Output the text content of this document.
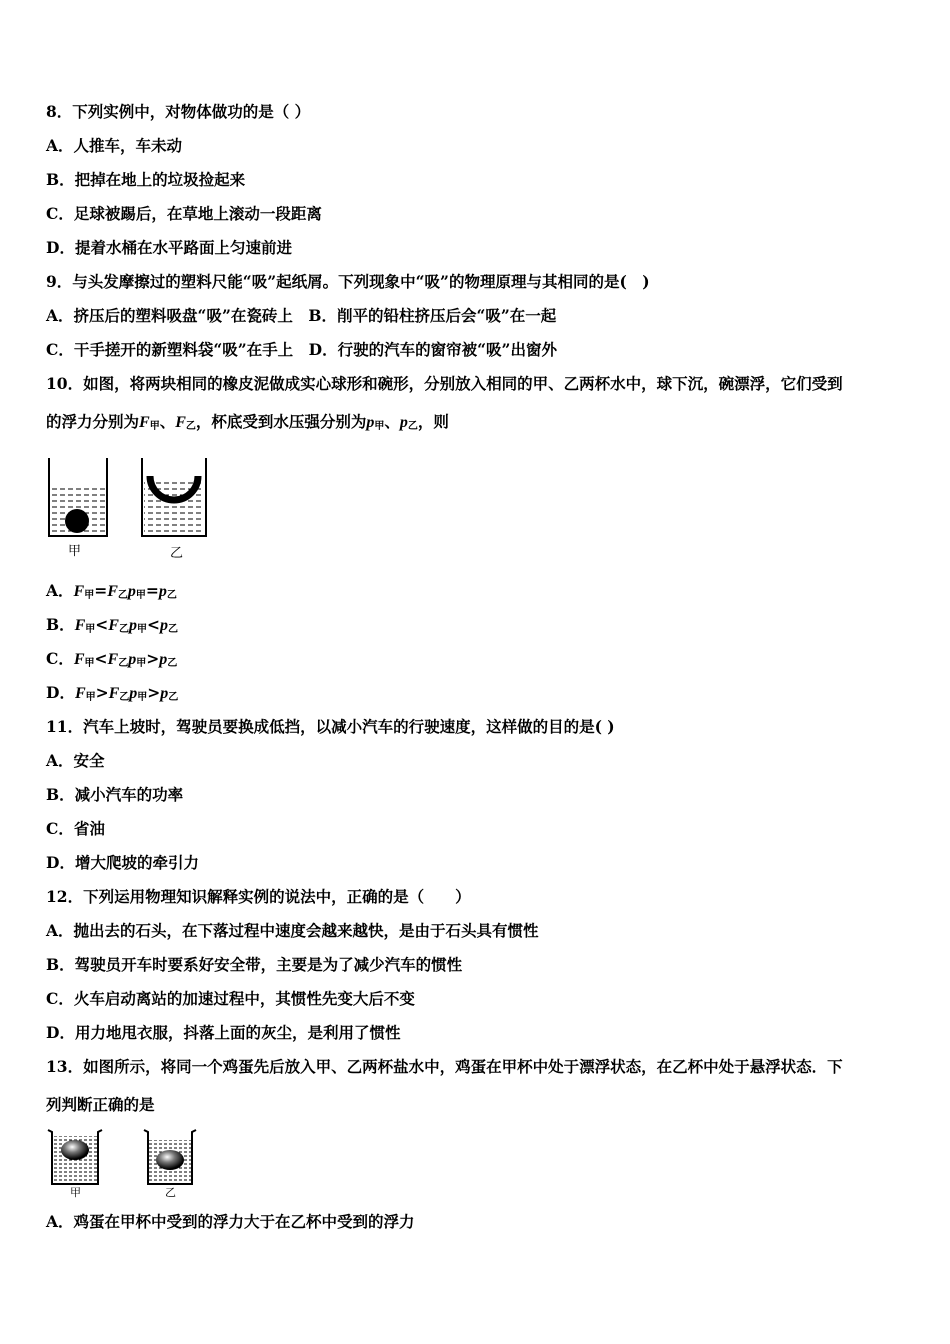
8．下列实例中，对物体做功的是（ ）
A．人推车，车未动
B．把掉在地上的垃圾捡起来
C．足球被踢后，在草地上滚动一段距离
D．提着水桶在水平路面上匀速前进
9．与头发摩擦过的塑料尺能“吸”起纸屑。下列现象中“吸”的物理原理与其相同的是(　)
A．挤压后的塑料吸盘“吸”在瓷砖上　B．削平的铅柱挤压后会“吸”在一起
C．干手搓开的新塑料袋“吸”在手上　D．行驶的汽车的窗帘被“吸”出窗外
10．如图，将两块相同的橡皮泥做成实心球形和碗形，分别放入相同的甲、乙两杯水中，球下沉，碗漂浮，它们受到
的浮力分别为$F_甲$、$F_乙$，杯底受到水压强分别为$p_甲$、$p_乙$，则
甲	乙
A．$F_甲=F_乙p_甲=p_乙$
B．$F_甲<F_乙p_甲<p_乙$
C．$F_甲<F_乙p_甲>p_乙$
D．$F_甲>F_乙p_甲>p_乙$
11．汽车上坡时，驾驶员要换成低挡，以减小汽车的行驶速度，这样做的目的是( )
A．安全
B．减小汽车的功率
C．省油
D．增大爬坡的牵引力
12．下列运用物理知识解释实例的说法中，正确的是（　　）
A．抛出去的石头，在下落过程中速度会越来越快，是由于石头具有惯性
B．驾驶员开车时要系好安全带，主要是为了减少汽车的惯性
C．火车启动离站的加速过程中，其惯性先变大后不变
D．用力地甩衣服，抖落上面的灰尘，是利用了惯性
13．如图所示，将同一个鸡蛋先后放入甲、乙两杯盐水中，鸡蛋在甲杯中处于漂浮状态，在乙杯中处于悬浮状态．下
列判断正确的是
甲	乙
A．鸡蛋在甲杯中受到的浮力大于在乙杯中受到的浮力
